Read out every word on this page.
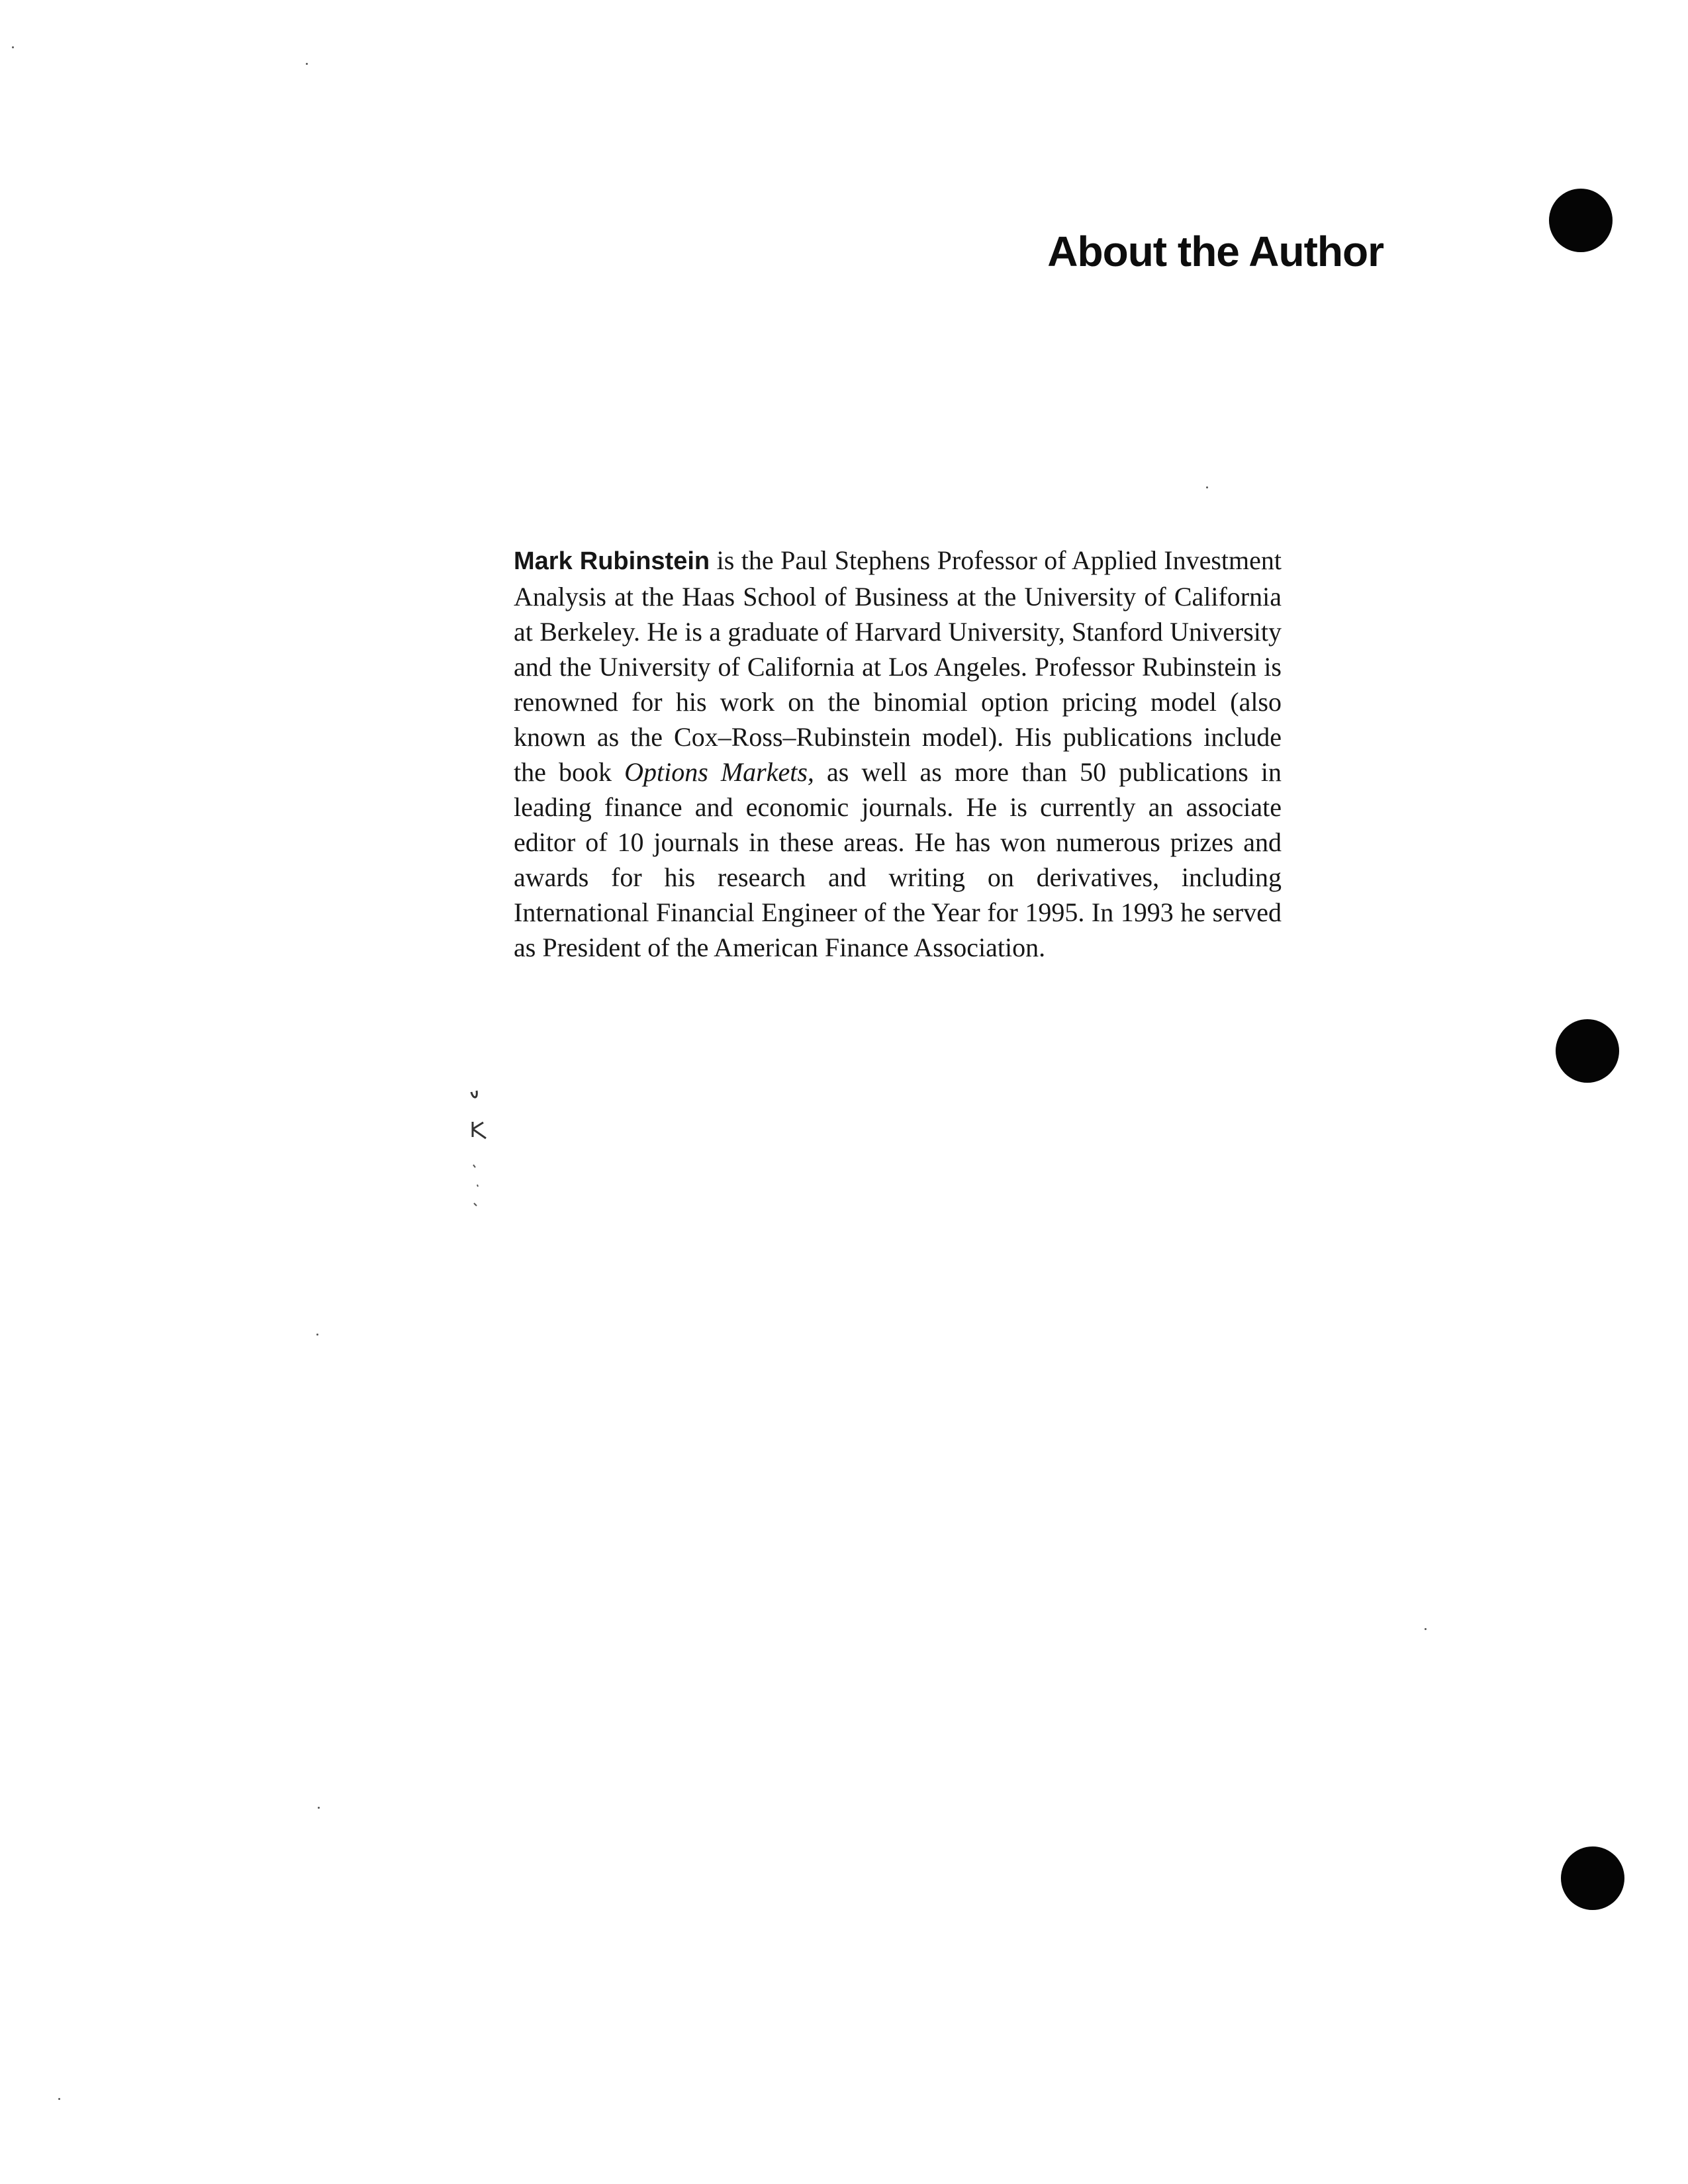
About the Author

Mark Rubinstein is the Paul Stephens Professor of Applied Investment Analysis at the Haas School of Business at the University of California at Berkeley. He is a graduate of Harvard University, Stanford University and the University of California at Los Angeles. Professor Rubinstein is renowned for his work on the binomial option pricing model (also known as the Cox–Ross–Rubinstein model). His publications include the book Options Markets, as well as more than 50 publications in leading finance and economic journals. He is currently an associate editor of 10 journals in these areas. He has won numerous prizes and awards for his research and writing on derivatives, including International Financial Engineer of the Year for 1995. In 1993 he served as President of the American Finance Association.
